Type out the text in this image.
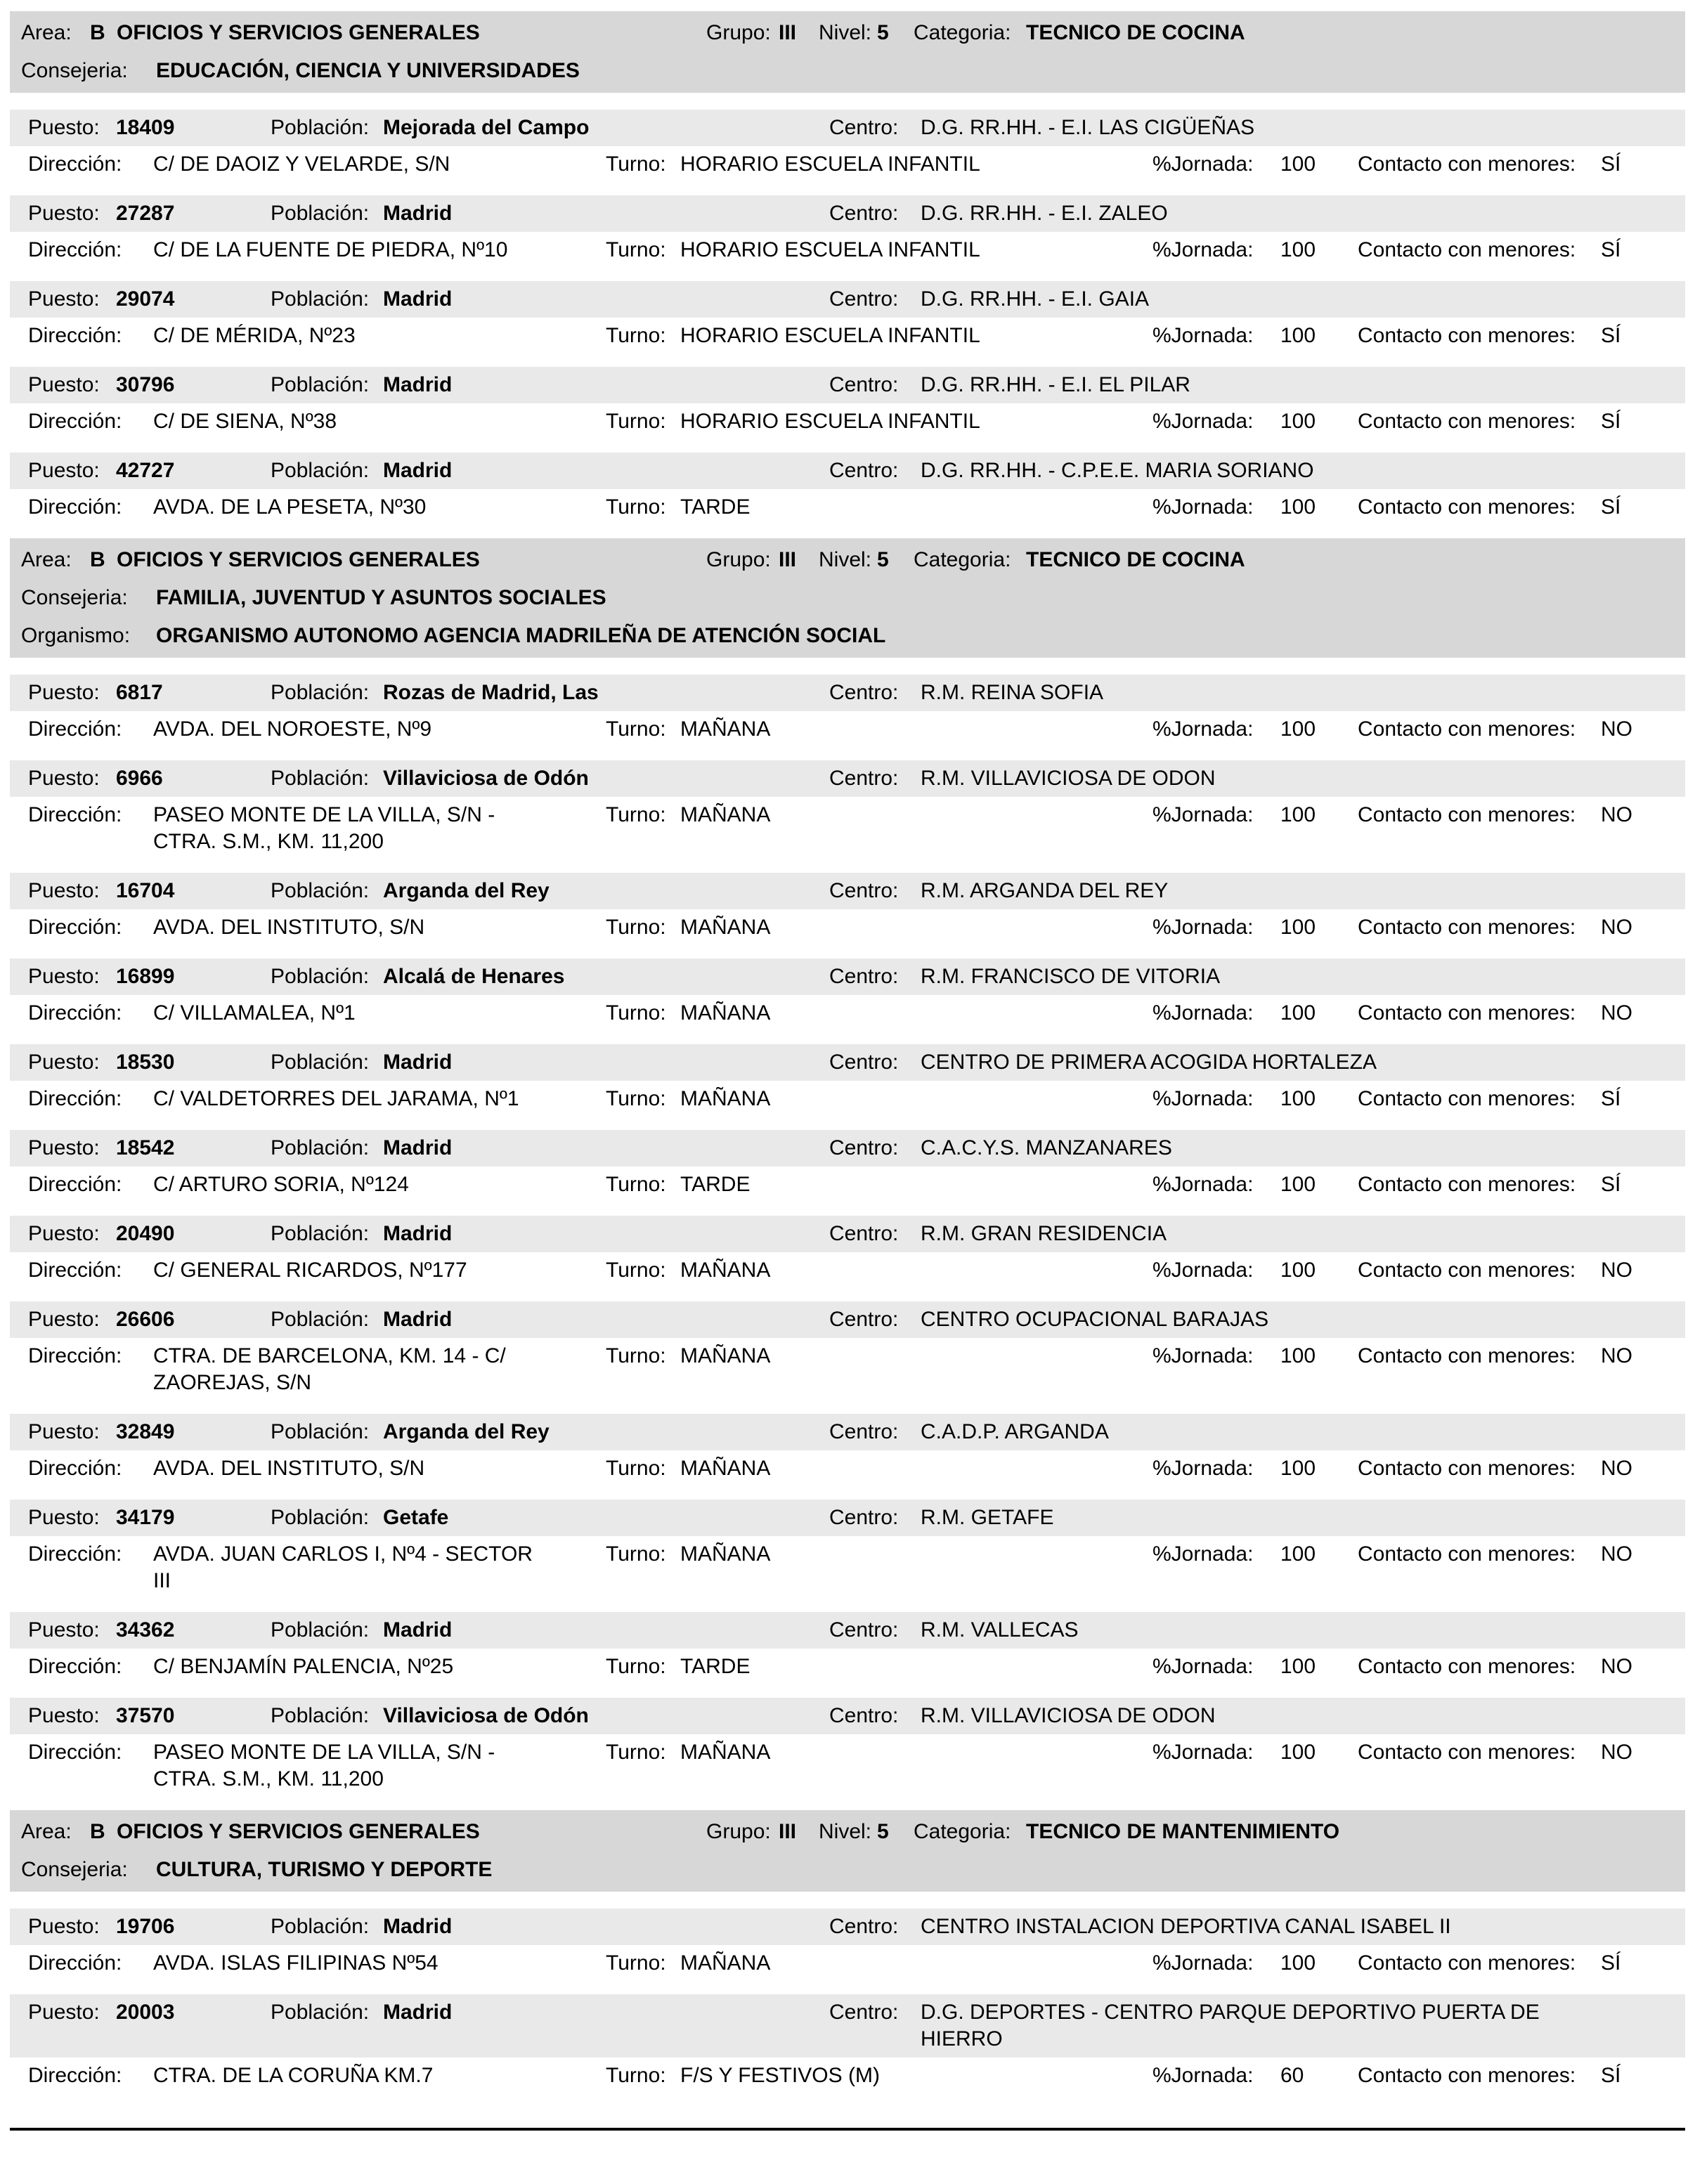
Area: B OFICIOS Y SERVICIOS GENERALES	Grupo: III	Nivel: 5	Categoria: TECNICO DE COCINA
Consejeria:	EDUCACIÓN, CIENCIA Y UNIVERSIDADES
Puesto: 18409	Población: Mejorada del Campo	Centro:	D.G. RR.HH. - E.I. LAS CIGÜEÑAS
Dirección:	C/ DE DAOIZ Y VELARDE, S/N	Turno: HORARIO ESCUELA INFANTIL	%Jornada:	100	Contacto con menores:	SÍ
Puesto: 27287	Población: Madrid	Centro:	D.G. RR.HH. - E.I. ZALEO
Dirección:	C/ DE LA FUENTE DE PIEDRA, Nº10	Turno: HORARIO ESCUELA INFANTIL	%Jornada:	100	Contacto con menores:	SÍ
Puesto: 29074	Población: Madrid	Centro:	D.G. RR.HH. - E.I. GAIA
Dirección:	C/ DE MÉRIDA, Nº23	Turno: HORARIO ESCUELA INFANTIL	%Jornada:	100	Contacto con menores:	SÍ
Puesto: 30796	Población: Madrid	Centro:	D.G. RR.HH. - E.I. EL PILAR
Dirección:	C/ DE SIENA, Nº38	Turno: HORARIO ESCUELA INFANTIL	%Jornada:	100	Contacto con menores:	SÍ
Puesto: 42727	Población: Madrid	Centro:	D.G. RR.HH. - C.P.E.E. MARIA SORIANO
Dirección:	AVDA. DE LA PESETA, Nº30	Turno: TARDE	%Jornada:	100	Contacto con menores:	SÍ
Area: B OFICIOS Y SERVICIOS GENERALES	Grupo: III	Nivel: 5	Categoria: TECNICO DE COCINA
Consejeria:	FAMILIA, JUVENTUD Y ASUNTOS SOCIALES
Organismo:	ORGANISMO AUTONOMO AGENCIA MADRILEÑA DE ATENCIÓN SOCIAL
Puesto: 6817	Población: Rozas de Madrid, Las	Centro:	R.M. REINA SOFIA
Dirección:	AVDA. DEL NOROESTE, Nº9	Turno: MAÑANA	%Jornada:	100	Contacto con menores:	NO
Puesto: 6966	Población: Villaviciosa de Odón	Centro:	R.M. VILLAVICIOSA DE ODON
Dirección:	PASEO MONTE DE LA VILLA, S/N - CTRA. S.M., KM. 11,200
Turno: MAÑANA	%Jornada:	100	Contacto con menores:	NO
Puesto: 16704	Población: Arganda del Rey	Centro:	R.M. ARGANDA DEL REY
Dirección:	AVDA. DEL INSTITUTO, S/N	Turno: MAÑANA	%Jornada:	100	Contacto con menores:	NO
Puesto: 16899	Población: Alcalá de Henares	Centro:	R.M. FRANCISCO DE VITORIA
Dirección:	C/ VILLAMALEA, Nº1	Turno: MAÑANA	%Jornada:	100	Contacto con menores:	NO
Puesto: 18530	Población: Madrid	Centro:	CENTRO DE PRIMERA ACOGIDA HORTALEZA
Dirección:	C/ VALDETORRES DEL JARAMA, Nº1	Turno: MAÑANA	%Jornada:	100	Contacto con menores:	SÍ
Puesto: 18542	Población: Madrid	Centro:	C.A.C.Y.S. MANZANARES
Dirección:	C/ ARTURO SORIA, Nº124	Turno: TARDE	%Jornada:	100	Contacto con menores:	SÍ
Puesto: 20490	Población: Madrid	Centro:	R.M. GRAN RESIDENCIA
Dirección:	C/ GENERAL RICARDOS, Nº177	Turno: MAÑANA	%Jornada:	100	Contacto con menores:	NO
Puesto: 26606	Población: Madrid	Centro:	CENTRO OCUPACIONAL BARAJAS
Dirección:	CTRA. DE BARCELONA, KM. 14 - C/ ZAOREJAS, S/N
Turno: MAÑANA	%Jornada:	100	Contacto con menores:	NO
Puesto: 32849	Población: Arganda del Rey	Centro:	C.A.D.P. ARGANDA
Dirección:	AVDA. DEL INSTITUTO, S/N	Turno: MAÑANA	%Jornada:	100	Contacto con menores:	NO
Puesto: 34179	Población: Getafe	Centro:	R.M. GETAFE
Dirección:	AVDA. JUAN CARLOS I, Nº4 - SECTOR III
Turno: MAÑANA	%Jornada:	100	Contacto con menores:	NO
Puesto: 34362	Población: Madrid	Centro:	R.M. VALLECAS
Dirección:	C/ BENJAMÍN PALENCIA, Nº25	Turno: TARDE	%Jornada:	100	Contacto con menores:	NO
Puesto: 37570	Población: Villaviciosa de Odón	Centro:	R.M. VILLAVICIOSA DE ODON
Dirección:	PASEO MONTE DE LA VILLA, S/N - CTRA. S.M., KM. 11,200
Turno: MAÑANA	%Jornada:	100	Contacto con menores:	NO
Area: B OFICIOS Y SERVICIOS GENERALES	Grupo: III	Nivel: 5	Categoria: TECNICO DE MANTENIMIENTO
Consejeria:	CULTURA, TURISMO Y DEPORTE
Puesto: 19706	Población: Madrid	Centro:	CENTRO INSTALACION DEPORTIVA CANAL ISABEL II
Dirección:	AVDA. ISLAS FILIPINAS Nº54	Turno: MAÑANA	%Jornada:	100	Contacto con menores:	SÍ
Puesto: 20003	Población: Madrid	Centro:	D.G. DEPORTES - CENTRO PARQUE DEPORTIVO PUERTA DE HIERRO
Dirección:	CTRA. DE LA CORUÑA KM.7	Turno: F/S Y FESTIVOS (M)	%Jornada:	60	Contacto con menores:	SÍ
